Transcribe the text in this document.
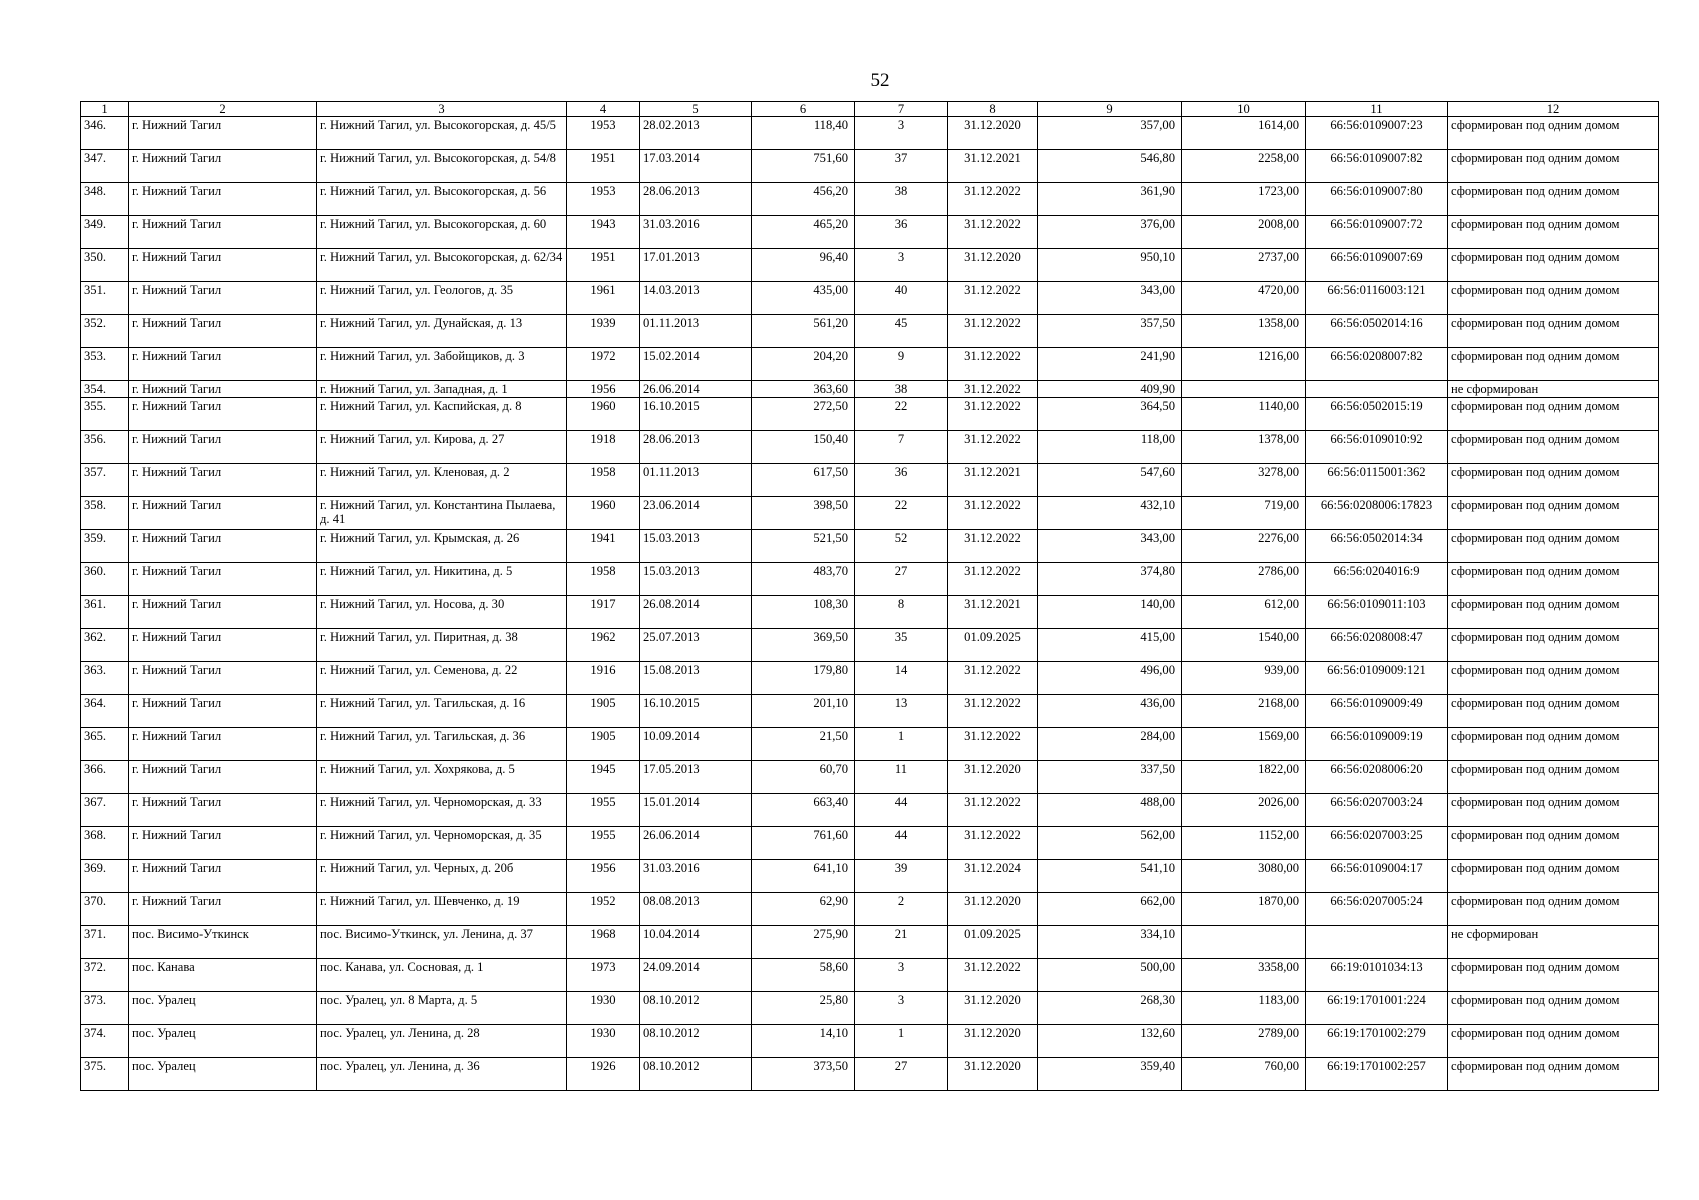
52
1	2	3	4	5	6	7	8	9	10	11	12
346.	г. Нижний Тагил	г. Нижний Тагил, ул. Высокогорская, д. 45/5	1953	28.02.2013	118,40	3	31.12.2020	357,00	1614,00	66:56:0109007:23	сформирован под одним домом
347.	г. Нижний Тагил	г. Нижний Тагил, ул. Высокогорская, д. 54/8	1951	17.03.2014	751,60	37	31.12.2021	546,80	2258,00	66:56:0109007:82	сформирован под одним домом
348.	г. Нижний Тагил	г. Нижний Тагил, ул. Высокогорская, д. 56	1953	28.06.2013	456,20	38	31.12.2022	361,90	1723,00	66:56:0109007:80	сформирован под одним домом
349.	г. Нижний Тагил	г. Нижний Тагил, ул. Высокогорская, д. 60	1943	31.03.2016	465,20	36	31.12.2022	376,00	2008,00	66:56:0109007:72	сформирован под одним домом
350.	г. Нижний Тагил	г. Нижний Тагил, ул. Высокогорская, д. 62/34	1951	17.01.2013	96,40	3	31.12.2020	950,10	2737,00	66:56:0109007:69	сформирован под одним домом
351.	г. Нижний Тагил	г. Нижний Тагил, ул. Геологов, д. 35	1961	14.03.2013	435,00	40	31.12.2022	343,00	4720,00	66:56:0116003:121	сформирован под одним домом
352.	г. Нижний Тагил	г. Нижний Тагил, ул. Дунайская, д. 13	1939	01.11.2013	561,20	45	31.12.2022	357,50	1358,00	66:56:0502014:16	сформирован под одним домом
353.	г. Нижний Тагил	г. Нижний Тагил, ул. Забойщиков, д. 3	1972	15.02.2014	204,20	9	31.12.2022	241,90	1216,00	66:56:0208007:82	сформирован под одним домом
354.	г. Нижний Тагил	г. Нижний Тагил, ул. Западная, д. 1	1956	26.06.2014	363,60	38	31.12.2022	409,90			не сформирован
355.	г. Нижний Тагил	г. Нижний Тагил, ул. Каспийская, д. 8	1960	16.10.2015	272,50	22	31.12.2022	364,50	1140,00	66:56:0502015:19	сформирован под одним домом
356.	г. Нижний Тагил	г. Нижний Тагил, ул. Кирова, д. 27	1918	28.06.2013	150,40	7	31.12.2022	118,00	1378,00	66:56:0109010:92	сформирован под одним домом
357.	г. Нижний Тагил	г. Нижний Тагил, ул. Кленовая, д. 2	1958	01.11.2013	617,50	36	31.12.2021	547,60	3278,00	66:56:0115001:362	сформирован под одним домом
358.	г. Нижний Тагил	г. Нижний Тагил, ул. Константина Пылаева, д. 41	1960	23.06.2014	398,50	22	31.12.2022	432,10	719,00	66:56:0208006:17823	сформирован под одним домом
359.	г. Нижний Тагил	г. Нижний Тагил, ул. Крымская, д. 26	1941	15.03.2013	521,50	52	31.12.2022	343,00	2276,00	66:56:0502014:34	сформирован под одним домом
360.	г. Нижний Тагил	г. Нижний Тагил, ул. Никитина, д. 5	1958	15.03.2013	483,70	27	31.12.2022	374,80	2786,00	66:56:0204016:9	сформирован под одним домом
361.	г. Нижний Тагил	г. Нижний Тагил, ул. Носова, д. 30	1917	26.08.2014	108,30	8	31.12.2021	140,00	612,00	66:56:0109011:103	сформирован под одним домом
362.	г. Нижний Тагил	г. Нижний Тагил, ул. Пиритная, д. 38	1962	25.07.2013	369,50	35	01.09.2025	415,00	1540,00	66:56:0208008:47	сформирован под одним домом
363.	г. Нижний Тагил	г. Нижний Тагил, ул. Семенова, д. 22	1916	15.08.2013	179,80	14	31.12.2022	496,00	939,00	66:56:0109009:121	сформирован под одним домом
364.	г. Нижний Тагил	г. Нижний Тагил, ул. Тагильская, д. 16	1905	16.10.2015	201,10	13	31.12.2022	436,00	2168,00	66:56:0109009:49	сформирован под одним домом
365.	г. Нижний Тагил	г. Нижний Тагил, ул. Тагильская, д. 36	1905	10.09.2014	21,50	1	31.12.2022	284,00	1569,00	66:56:0109009:19	сформирован под одним домом
366.	г. Нижний Тагил	г. Нижний Тагил, ул. Хохрякова, д. 5	1945	17.05.2013	60,70	11	31.12.2020	337,50	1822,00	66:56:0208006:20	сформирован под одним домом
367.	г. Нижний Тагил	г. Нижний Тагил, ул. Черноморская, д. 33	1955	15.01.2014	663,40	44	31.12.2022	488,00	2026,00	66:56:0207003:24	сформирован под одним домом
368.	г. Нижний Тагил	г. Нижний Тагил, ул. Черноморская, д. 35	1955	26.06.2014	761,60	44	31.12.2022	562,00	1152,00	66:56:0207003:25	сформирован под одним домом
369.	г. Нижний Тагил	г. Нижний Тагил, ул. Черных, д. 20б	1956	31.03.2016	641,10	39	31.12.2024	541,10	3080,00	66:56:0109004:17	сформирован под одним домом
370.	г. Нижний Тагил	г. Нижний Тагил, ул. Шевченко, д. 19	1952	08.08.2013	62,90	2	31.12.2020	662,00	1870,00	66:56:0207005:24	сформирован под одним домом
371.	пос. Висимо-Уткинск	пос. Висимо-Уткинск, ул. Ленина, д. 37	1968	10.04.2014	275,90	21	01.09.2025	334,10			не сформирован
372.	пос. Канава	пос. Канава, ул. Сосновая, д. 1	1973	24.09.2014	58,60	3	31.12.2022	500,00	3358,00	66:19:0101034:13	сформирован под одним домом
373.	пос. Уралец	пос. Уралец, ул. 8 Марта, д. 5	1930	08.10.2012	25,80	3	31.12.2020	268,30	1183,00	66:19:1701001:224	сформирован под одним домом
374.	пос. Уралец	пос. Уралец, ул. Ленина, д. 28	1930	08.10.2012	14,10	1	31.12.2020	132,60	2789,00	66:19:1701002:279	сформирован под одним домом
375.	пос. Уралец	пос. Уралец, ул. Ленина, д. 36	1926	08.10.2012	373,50	27	31.12.2020	359,40	760,00	66:19:1701002:257	сформирован под одним домом
